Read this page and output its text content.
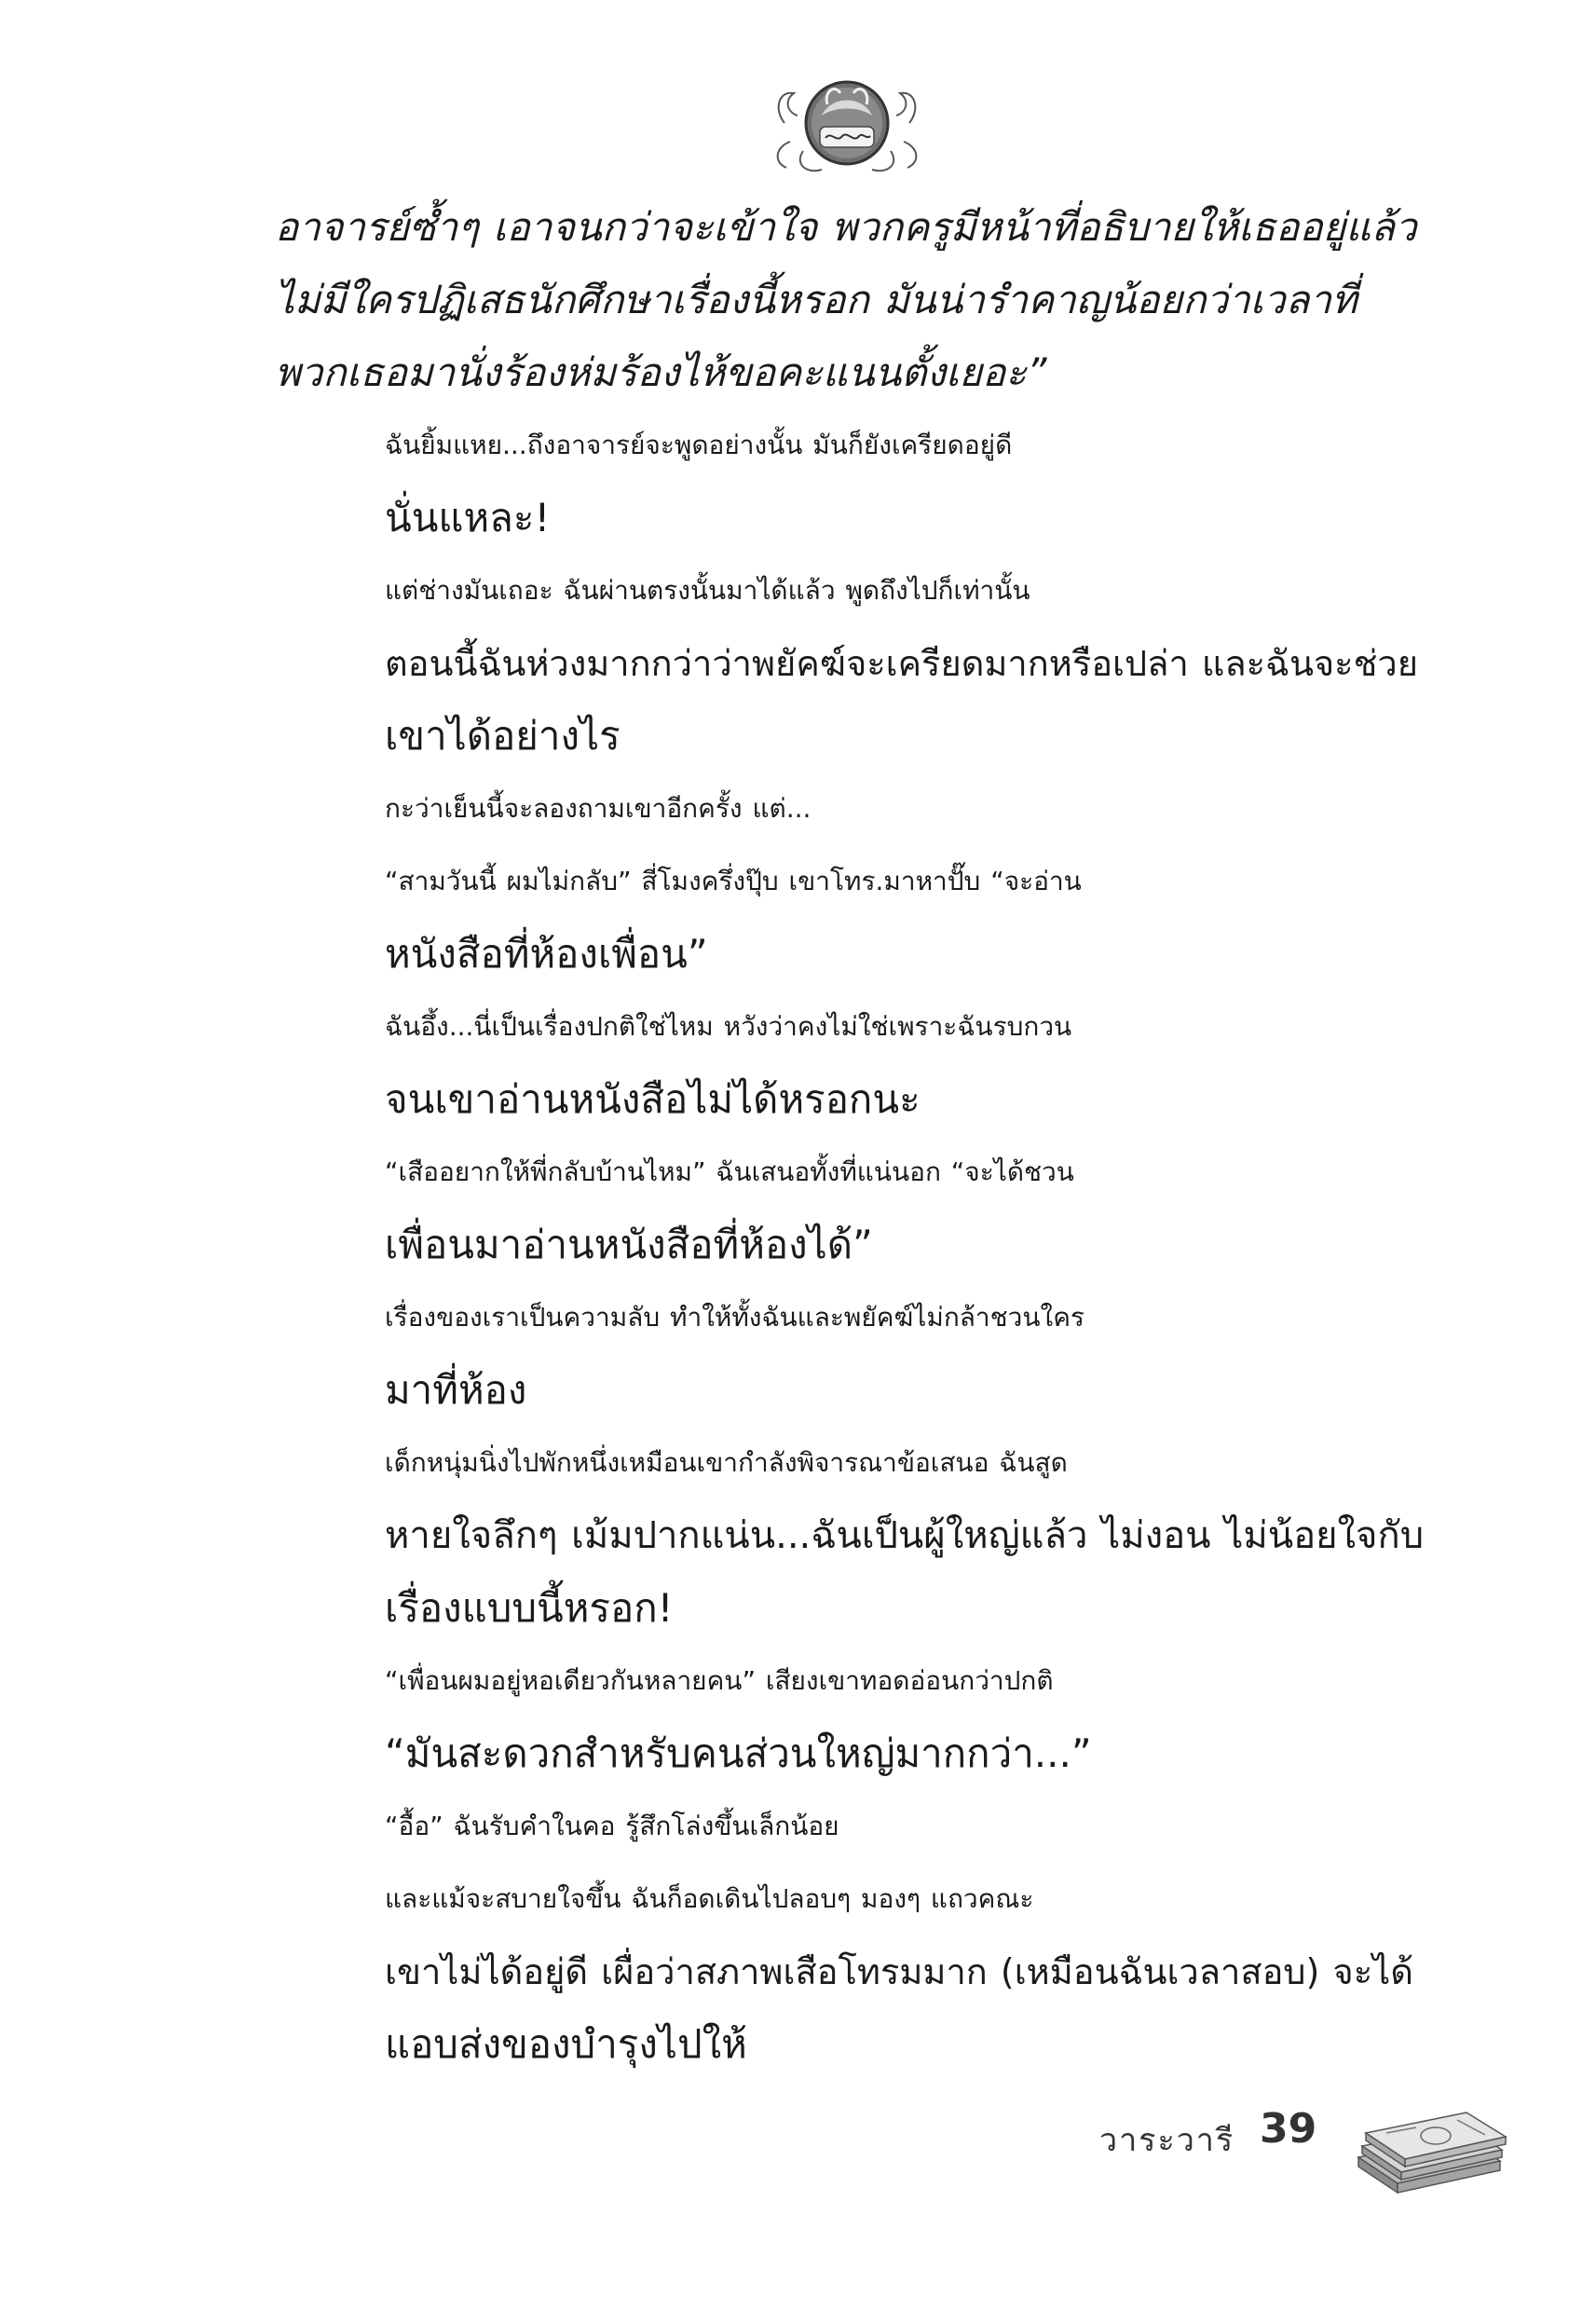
อาจารย์ซ้ำๆ เอาจนกว่าจะเข้าใจ พวกครูมีหน้าที่อธิบายให้เธออยู่แล้ว
ไม่มีใครปฏิเสธนักศึกษาเรื่องนี้หรอก มันน่ารำคาญน้อยกว่าเวลาที่
พวกเธอมานั่งร้องห่มร้องไห้ขอคะแนนตั้งเยอะ”

ฉันยิ้มแหย...ถึงอาจารย์จะพูดอย่างนั้น มันก็ยังเครียดอยู่ดี
นั่นแหละ!

แต่ช่างมันเถอะ ฉันผ่านตรงนั้นมาได้แล้ว พูดถึงไปก็เท่านั้น
ตอนนี้ฉันห่วงมากกว่าว่าพยัคฆ์จะเครียดมากหรือเปล่า และฉันจะช่วย
เขาได้อย่างไร

กะว่าเย็นนี้จะลองถามเขาอีกครั้ง แต่...

“สามวันนี้ ผมไม่กลับ” สี่โมงครึ่งปุ๊บ เขาโทร.มาหาปั๊บ “จะอ่าน
หนังสือที่ห้องเพื่อน”

ฉันอึ้ง...นี่เป็นเรื่องปกติใช่ไหม หวังว่าคงไม่ใช่เพราะฉันรบกวน
จนเขาอ่านหนังสือไม่ได้หรอกนะ

“เสืออยากให้พี่กลับบ้านไหม” ฉันเสนอทั้งที่แน่นอก “จะได้ชวน
เพื่อนมาอ่านหนังสือที่ห้องได้”

เรื่องของเราเป็นความลับ ทำให้ทั้งฉันและพยัคฆ์ไม่กล้าชวนใคร
มาที่ห้อง

เด็กหนุ่มนิ่งไปพักหนึ่งเหมือนเขากำลังพิจารณาข้อเสนอ ฉันสูด
หายใจลึกๆ เม้มปากแน่น...ฉันเป็นผู้ใหญ่แล้ว ไม่งอน ไม่น้อยใจกับ
เรื่องแบบนี้หรอก!

“เพื่อนผมอยู่หอเดียวกันหลายคน” เสียงเขาทอดอ่อนกว่าปกติ
“มันสะดวกสำหรับคนส่วนใหญ่มากกว่า...”

“อื้อ” ฉันรับคำในคอ รู้สึกโล่งขึ้นเล็กน้อย

และแม้จะสบายใจขึ้น ฉันก็อดเดินไปลอบๆ มองๆ แถวคณะ
เขาไม่ได้อยู่ดี เผื่อว่าสภาพเสือโทรมมาก (เหมือนฉันเวลาสอบ) จะได้
แอบส่งของบำรุงไปให้

วาระวารี 39
